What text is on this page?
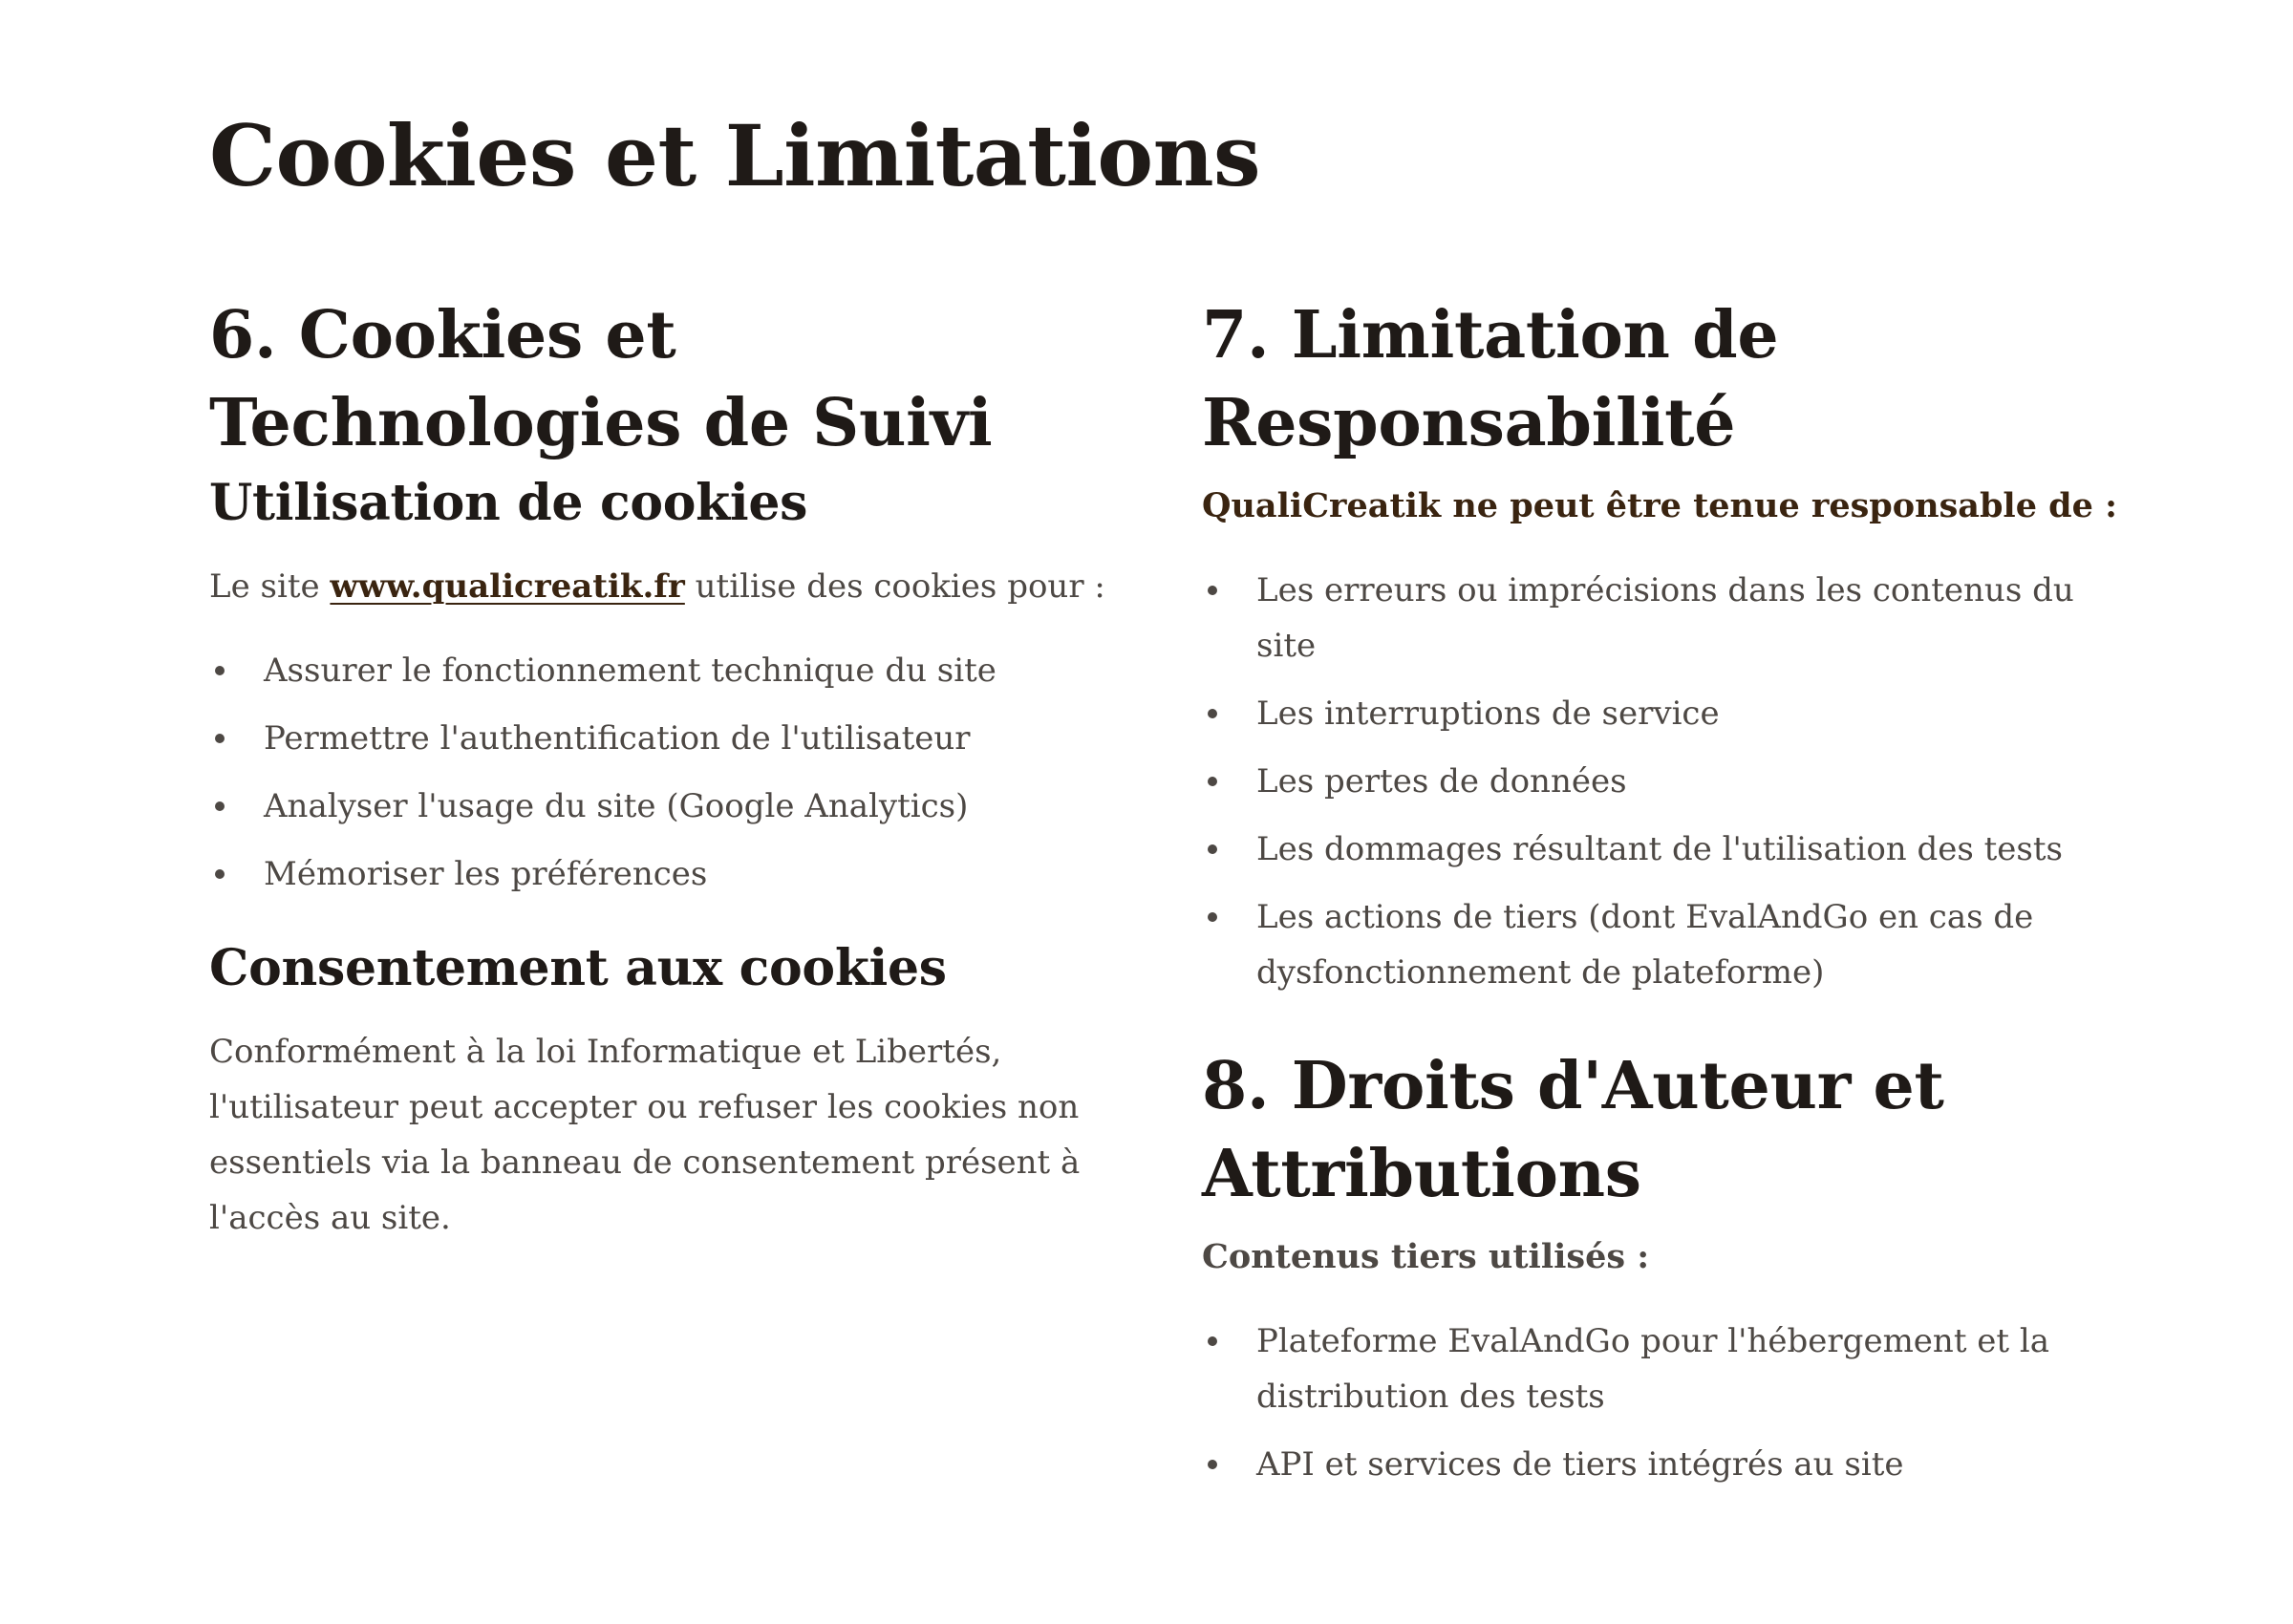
Cookies et Limitations
6. Cookies et Technologies de Suivi
Utilisation de cookies

Le site www.qualicreatik.fr utilise des cookies pour :

Assurer le fonctionnement technique du site
Permettre l'authentification de l'utilisateur
Analyser l'usage du site (Google Analytics)
Mémoriser les préférences
Consentement aux cookies

Conformément à la loi Informatique et Libertés, l'utilisateur peut accepter ou refuser les cookies non essentiels via la banneau de consentement présent à l'accès au site.

7. Limitation de Responsabilité

QualiCreatik ne peut être tenue responsable de :

Les erreurs ou imprécisions dans les contenus du site
Les interruptions de service
Les pertes de données
Les dommages résultant de l'utilisation des tests
Les actions de tiers (dont EvalAndGo en cas de dysfonctionnement de plateforme)
8. Droits d'Auteur et Attributions

Contenus tiers utilisés :

Plateforme EvalAndGo pour l'hébergement et la distribution des tests
API et services de tiers intégrés au site
